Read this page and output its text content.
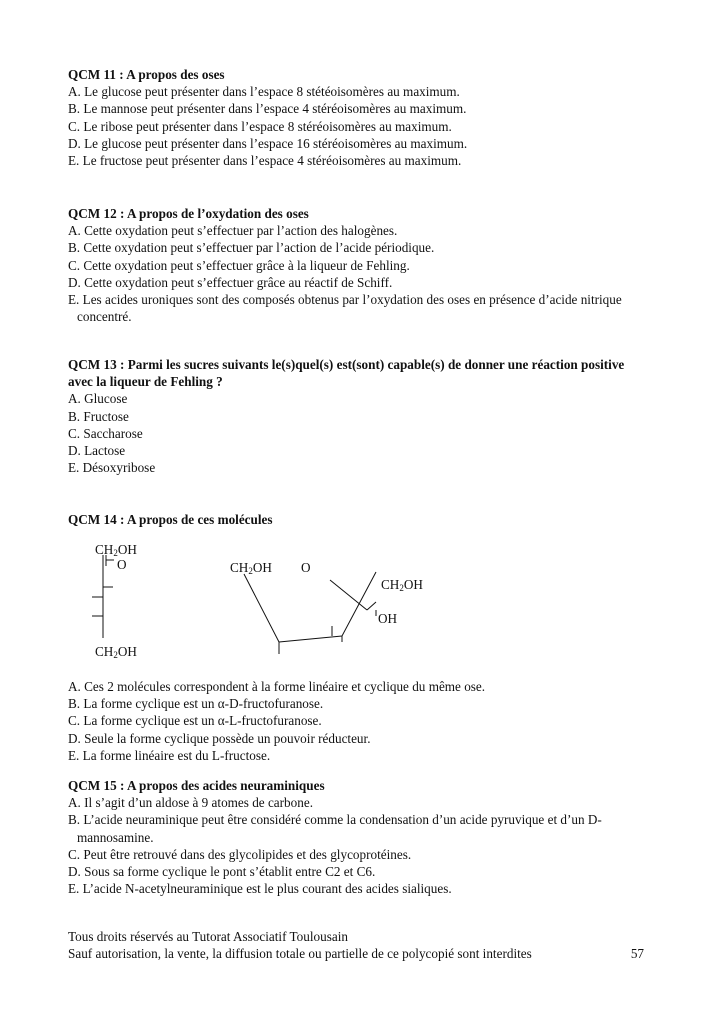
QCM 11 : A propos des oses
A. Le glucose peut présenter dans l’espace 8 stétéoisomères au maximum.
B. Le mannose peut présenter dans l’espace 4 stéréoisomères au maximum.
C. Le ribose peut présenter dans l’espace 8 stéréoisomères au maximum.
D. Le glucose peut présenter dans l’espace 16 stéréoisomères au maximum.
E. Le fructose peut présenter dans l’espace 4 stéréoisomères au maximum.
QCM 12 : A propos de l’oxydation des oses
A. Cette oxydation peut s’effectuer par l’action des halogènes.
B. Cette oxydation peut s’effectuer par l’action de l’acide périodique.
C. Cette oxydation peut s’effectuer grâce à la liqueur de Fehling.
D. Cette oxydation peut s’effectuer grâce au réactif de Schiff.
E. Les acides uroniques sont des composés obtenus par l’oxydation des oses en présence d’acide nitrique concentré.
QCM 13 : Parmi les sucres suivants le(s)quel(s) est(sont) capable(s) de donner une réaction positive avec la liqueur de Fehling ?
A. Glucose
B. Fructose
C. Saccharose
D. Lactose
E. Désoxyribose
QCM 14 : A propos de ces molécules
A. Ces 2 molécules correspondent à la forme linéaire et cyclique du même ose.
B. La forme cyclique est un α-D-fructofuranose.
C. La forme cyclique est un α-L-fructofuranose.
D. Seule la forme cyclique possède un pouvoir réducteur.
E. La forme linéaire est du L-fructose.
QCM 15 : A propos des acides neuraminiques
A. Il s’agit d’un aldose à 9 atomes de carbone.
B. L’acide neuraminique peut être considéré comme la condensation d’un acide pyruvique et d’un D-mannosamine.
C. Peut être retrouvé dans des glycolipides et des glycoprotéines.
D. Sous sa forme cyclique le pont s’établit entre C2 et C6.
E. L’acide N-acetylneuraminique est le plus courant des acides sialiques.
$CH_2OH$
O
$CH_2OH$
$CH_2OH$ O
$CH_2OH$
OH
Tous droits réservés au Tutorat Associatif Toulousain
Sauf autorisation, la vente, la diffusion totale ou partielle de ce polycopié sont interdites	57
